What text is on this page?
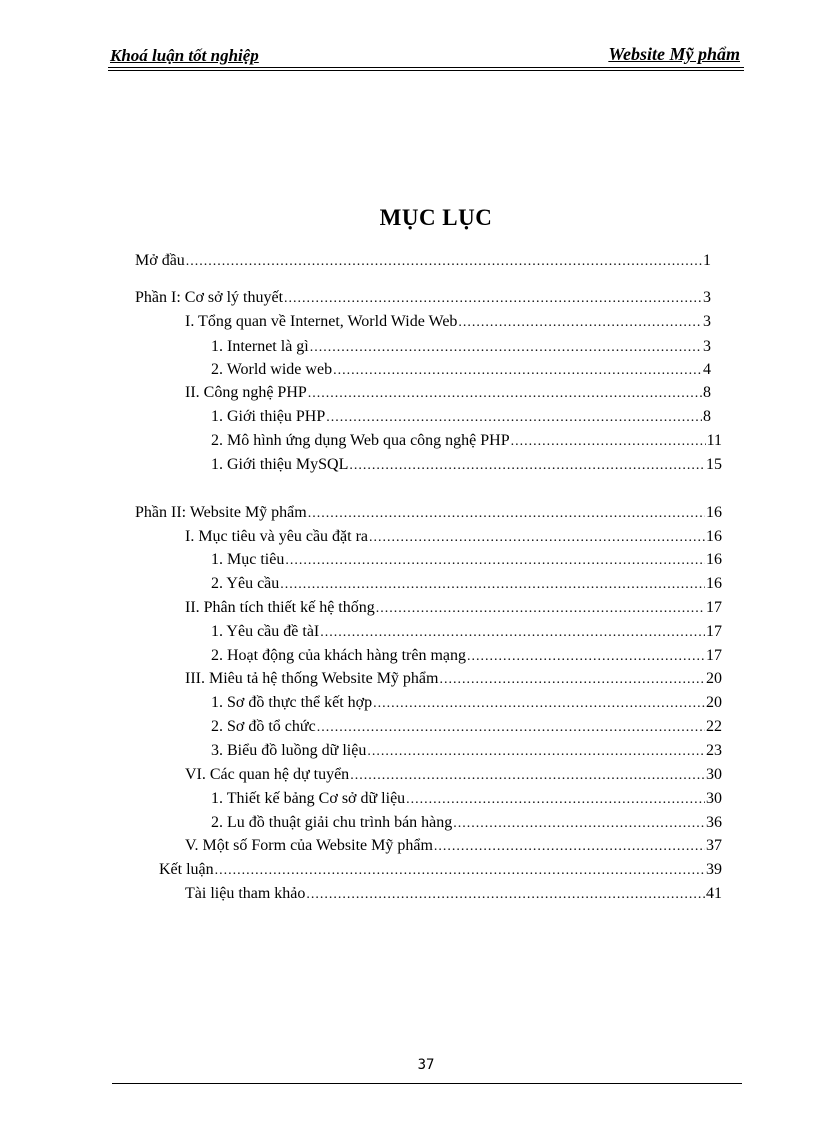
Khoá luận tốt nghiệp	Website Mỹ phẩm
MỤC LỤC
Mở đầu .....	1
Phần I: Cơ sở lý thuyết .....	3
I. Tổng quan về Internet, World Wide Web .....	3
1. Internet là gì .....	3
2. World wide web .....	4
II. Công nghệ PHP .....	8
1. Giới thiệu PHP .....	8
2. Mô hình ứng dụng Web qua công nghệ PHP .....	11
1. Giới thiệu MySQL .....	15
Phần II: Website Mỹ phẩm .....	16
I. Mục tiêu và yêu cầu đặt ra .....	16
1. Mục tiêu .....	16
2. Yêu cầu .....	16
II. Phân tích thiết kế hệ thống .....	17
1. Yêu cầu đề tàI .....	17
2. Hoạt động của khách hàng trên mạng .....	17
III. Miêu tả hệ thống Website Mỹ phẩm .....	20
1. Sơ đồ thực thể kết hợp .....	20
2. Sơ đồ tổ chức .....	22
3. Biểu đồ luồng dữ liệu .....	23
VI. Các quan hệ dự tuyển .....	30
1. Thiết kế bảng Cơ sở dữ liệu .....	30
2. Lu đồ thuật giải chu trình bán hàng .....	36
V. Một số Form của Website Mỹ phẩm .....	37
Kết luận .....	39
Tài liệu tham khảo .....	41
37
